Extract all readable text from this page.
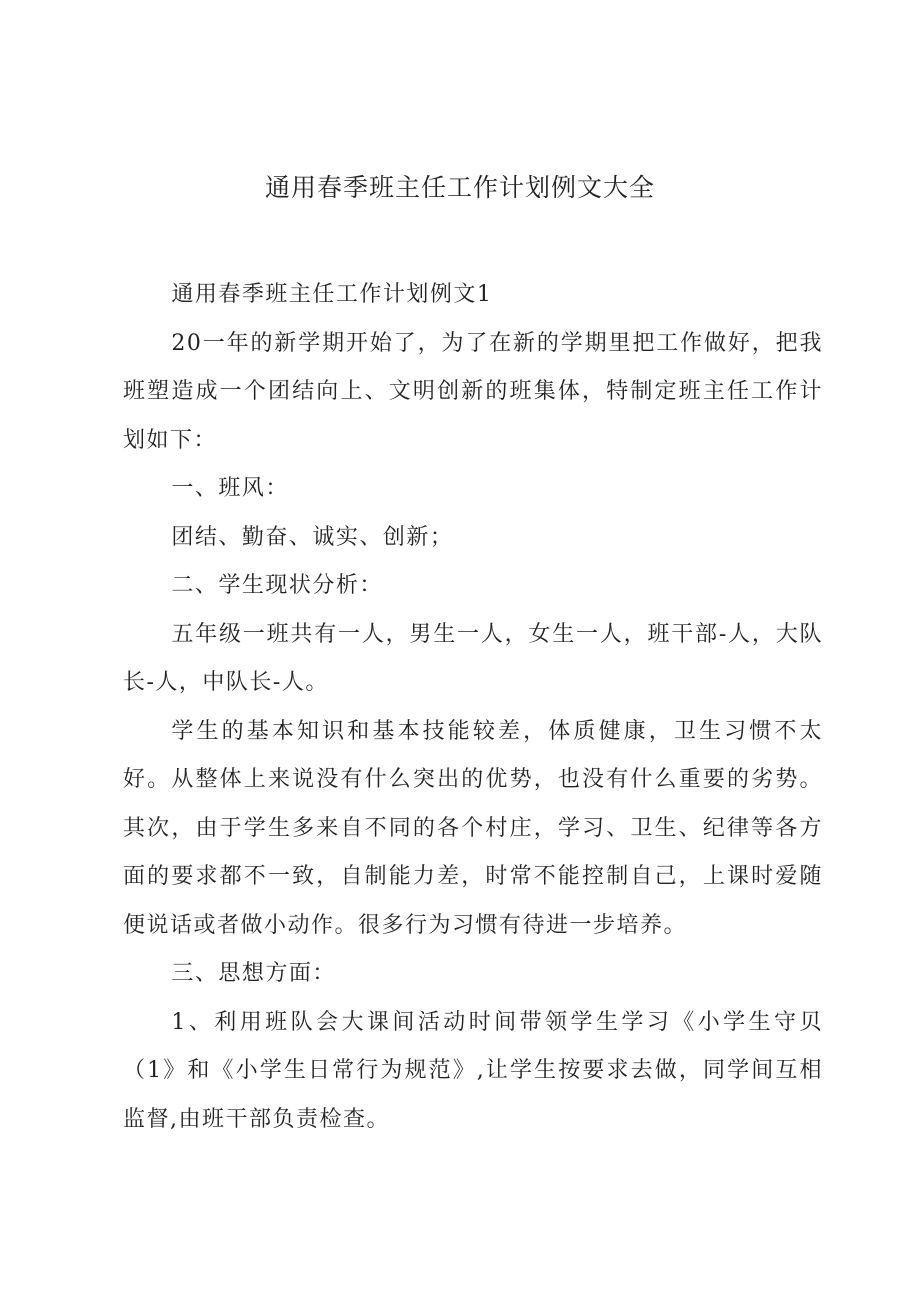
通用春季班主任工作计划例文大全

通用春季班主任工作计划例文1

20一年的新学期开始了，为了在新的学期里把工作做好，把我班塑造成一个团结向上、文明创新的班集体，特制定班主任工作计划如下：

一、班风：

团结、勤奋、诚实、创新；

二、学生现状分析：

五年级一班共有一人，男生一人，女生一人，班干部-人，大队长-人，中队长-人。

学生的基本知识和基本技能较差，体质健康，卫生习惯不太好。从整体上来说没有什么突出的优势，也没有什么重要的劣势。其次，由于学生多来自不同的各个村庄，学习、卫生、纪律等各方面的要求都不一致，自制能力差，时常不能控制自己，上课时爱随便说话或者做小动作。很多行为习惯有待进一步培养。

三、思想方面：

1、利用班队会大课间活动时间带领学生学习《小学生守贝（1》和《小学生日常行为规范》,让学生按要求去做，同学间互相监督,由班干部负责检查。
